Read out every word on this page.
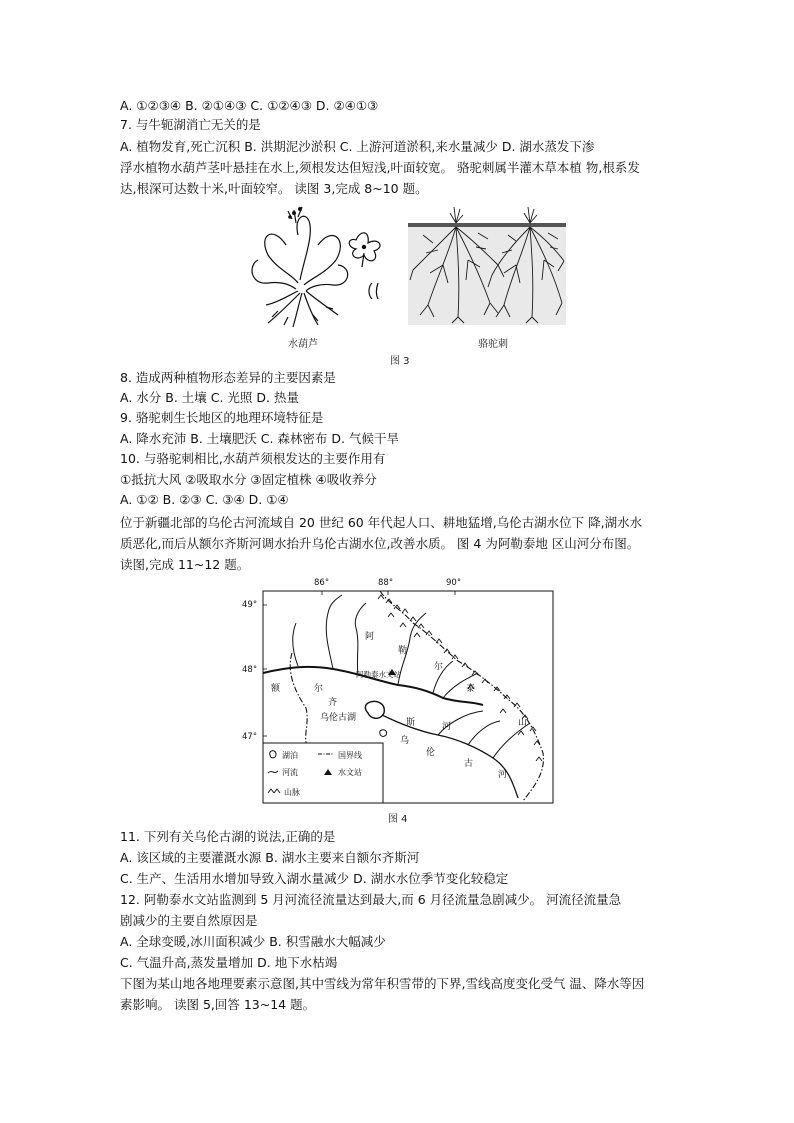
A. ①②③④ B. ②①④③ C. ①②④③ D. ②④①③
7. 与牛轭湖消亡无关的是
A. 植物发育,死亡沉积 B. 洪期泥沙淤积 C. 上游河道淤积,来水量减少 D. 湖水蒸发下渗
浮水植物水葫芦茎叶悬挂在水上,须根发达但短浅,叶面较宽。 骆驼刺属半灌木草本植 物,根系发
达,根深可达数十米,叶面较窄。 读图 3,完成 8~10 题。
水葫芦	骆驼刺
图 3
8. 造成两种植物形态差异的主要因素是
A. 水分 B. 土壤 C. 光照 D. 热量
9. 骆驼刺生长地区的地理环境特征是
A. 降水充沛 B. 土壤肥沃 C. 森林密布 D. 气候干旱
10. 与骆驼刺相比,水葫芦须根发达的主要作用有
①抵抗大风 ②吸取水分 ③固定植株 ④吸收养分
A. ①② B. ②③ C. ③④ D. ①④
位于新疆北部的乌伦古河流域自 20 世纪 60 年代起人口、耕地猛增,乌伦古湖水位下 降,湖水水
质恶化,而后从额尔齐斯河调水抬升乌伦古湖水位,改善水质。 图 4 为阿勒泰地 区山河分布图。
读图,完成 11~12 题。
86°	88°	90°
49°
48°
47°
阿
勒
尔
泰
山
阿勒泰水文站
额	尔
齐
斯	河
乌伦古湖
乌
伦
古
河
湖泊	国界线
河流	水文站
山脉
图 4
11. 下列有关乌伦古湖的说法,正确的是
A. 该区域的主要灌溉水源 B. 湖水主要来自额尔齐斯河
C. 生产、生活用水增加导致入湖水量减少 D. 湖水水位季节变化较稳定
12. 阿勒泰水文站监测到 5 月河流径流量达到最大,而 6 月径流量急剧减少。 河流径流量急
剧减少的主要自然原因是
A. 全球变暖,冰川面积减少 B. 积雪融水大幅减少
C. 气温升高,蒸发量增加 D. 地下水枯竭
下图为某山地各地理要素示意图,其中雪线为常年积雪带的下界,雪线高度变化受气 温、降水等因
素影响。 读图 5,回答 13~14 题。
